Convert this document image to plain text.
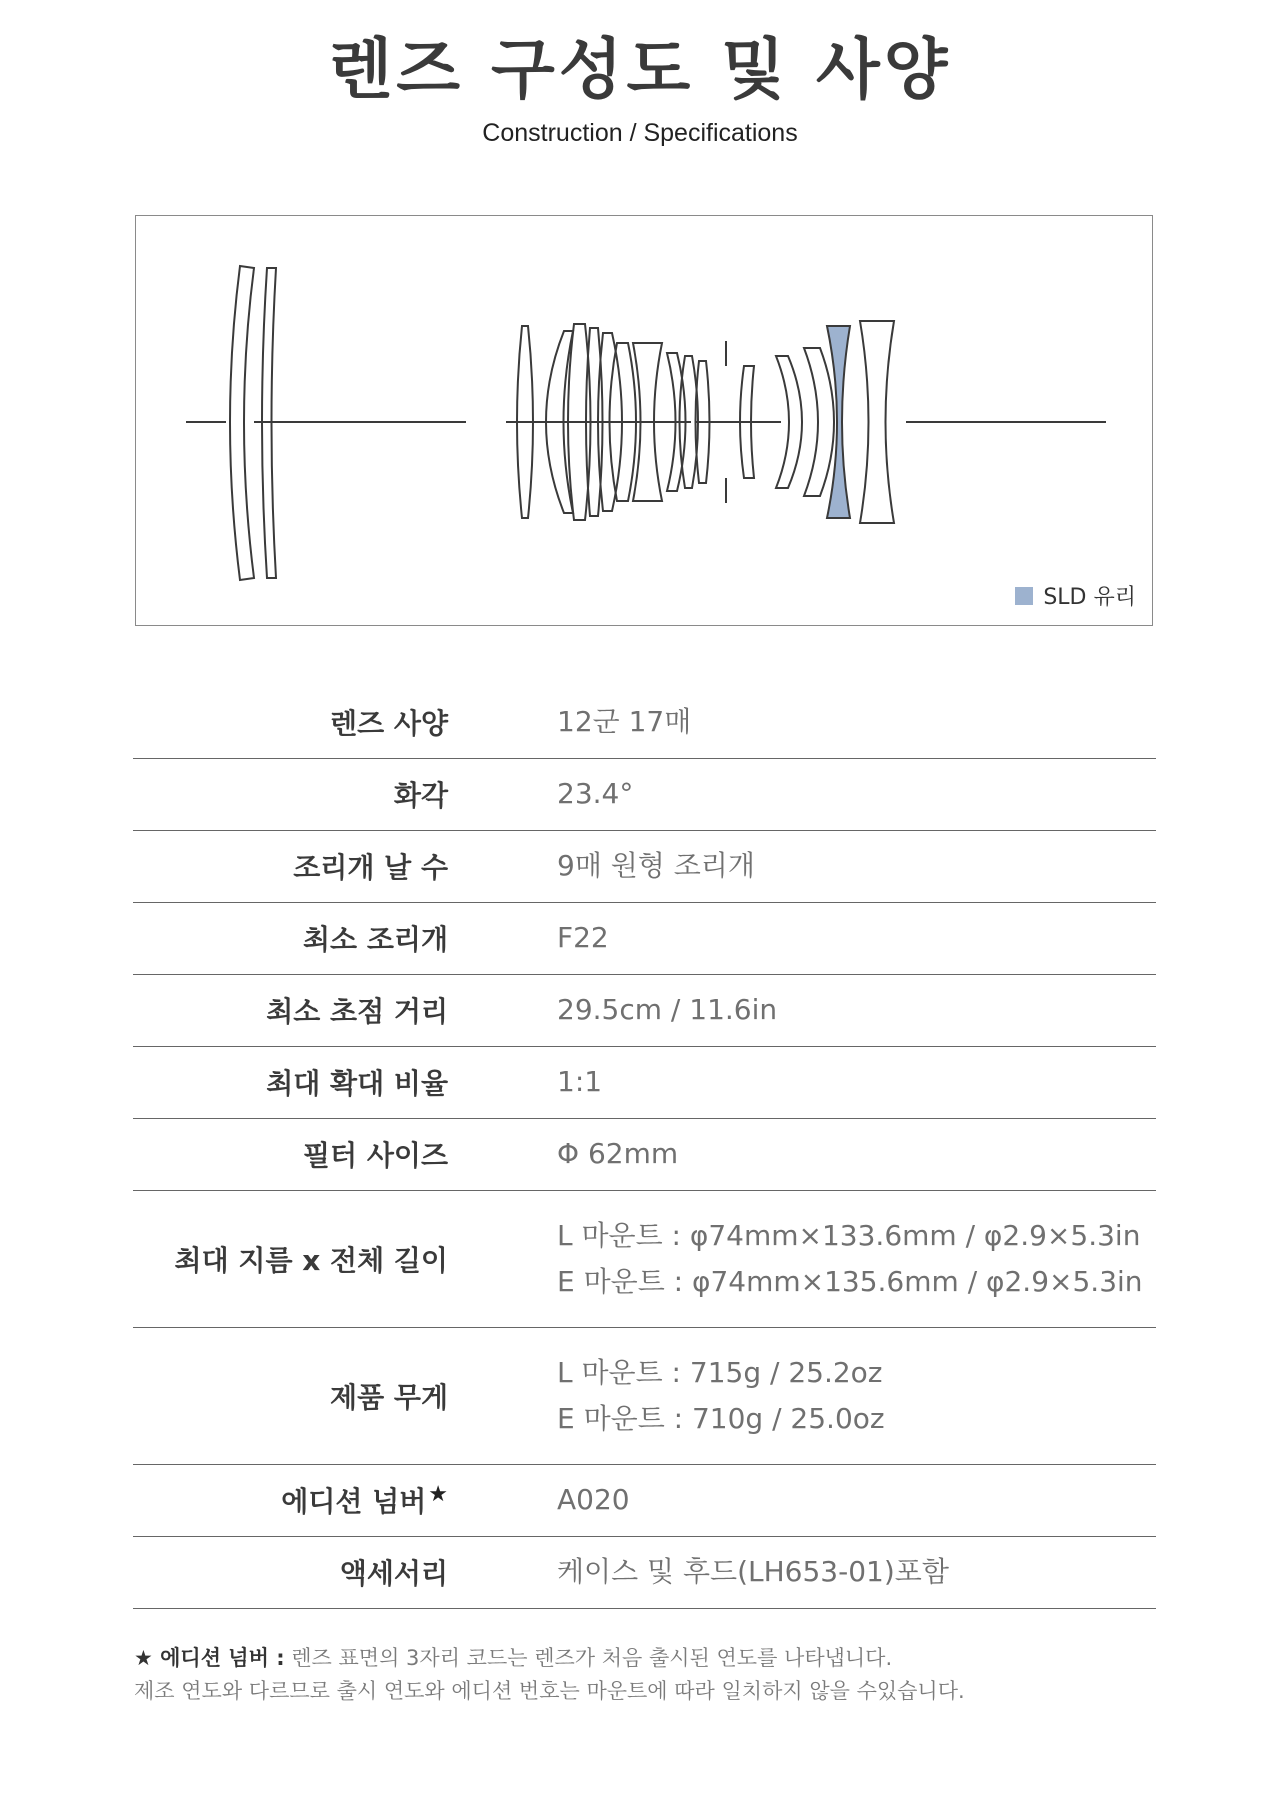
렌즈 구성도 및 사양
Construction / Specifications
SLD 유리
렌즈 사양		12군 17매

화각		23.4°

조리개 날 수		9매 원형 조리개

최소 조리개		F22

최소 초점 거리		29.5cm / 11.6in

최대 확대 비율		1:1

필터 사이즈		Φ 62mm

최대 지름 x 전체 길이		L 마운트 : φ74mm×133.6mm / φ2.9×5.3in
E 마운트 : φ74mm×135.6mm / φ2.9×5.3in

제품 무게		L 마운트 : 715g / 25.2oz
E 마운트 : 710g / 25.0oz

에디션 넘버★		A020

액세서리		케이스 및 후드(LH653-01)포함
★ 에디션 넘버 : 렌즈 표면의 3자리 코드는 렌즈가 처음 출시된 연도를 나타냅니다.
제조 연도와 다르므로 출시 연도와 에디션 번호는 마운트에 따라 일치하지 않을 수있습니다.
